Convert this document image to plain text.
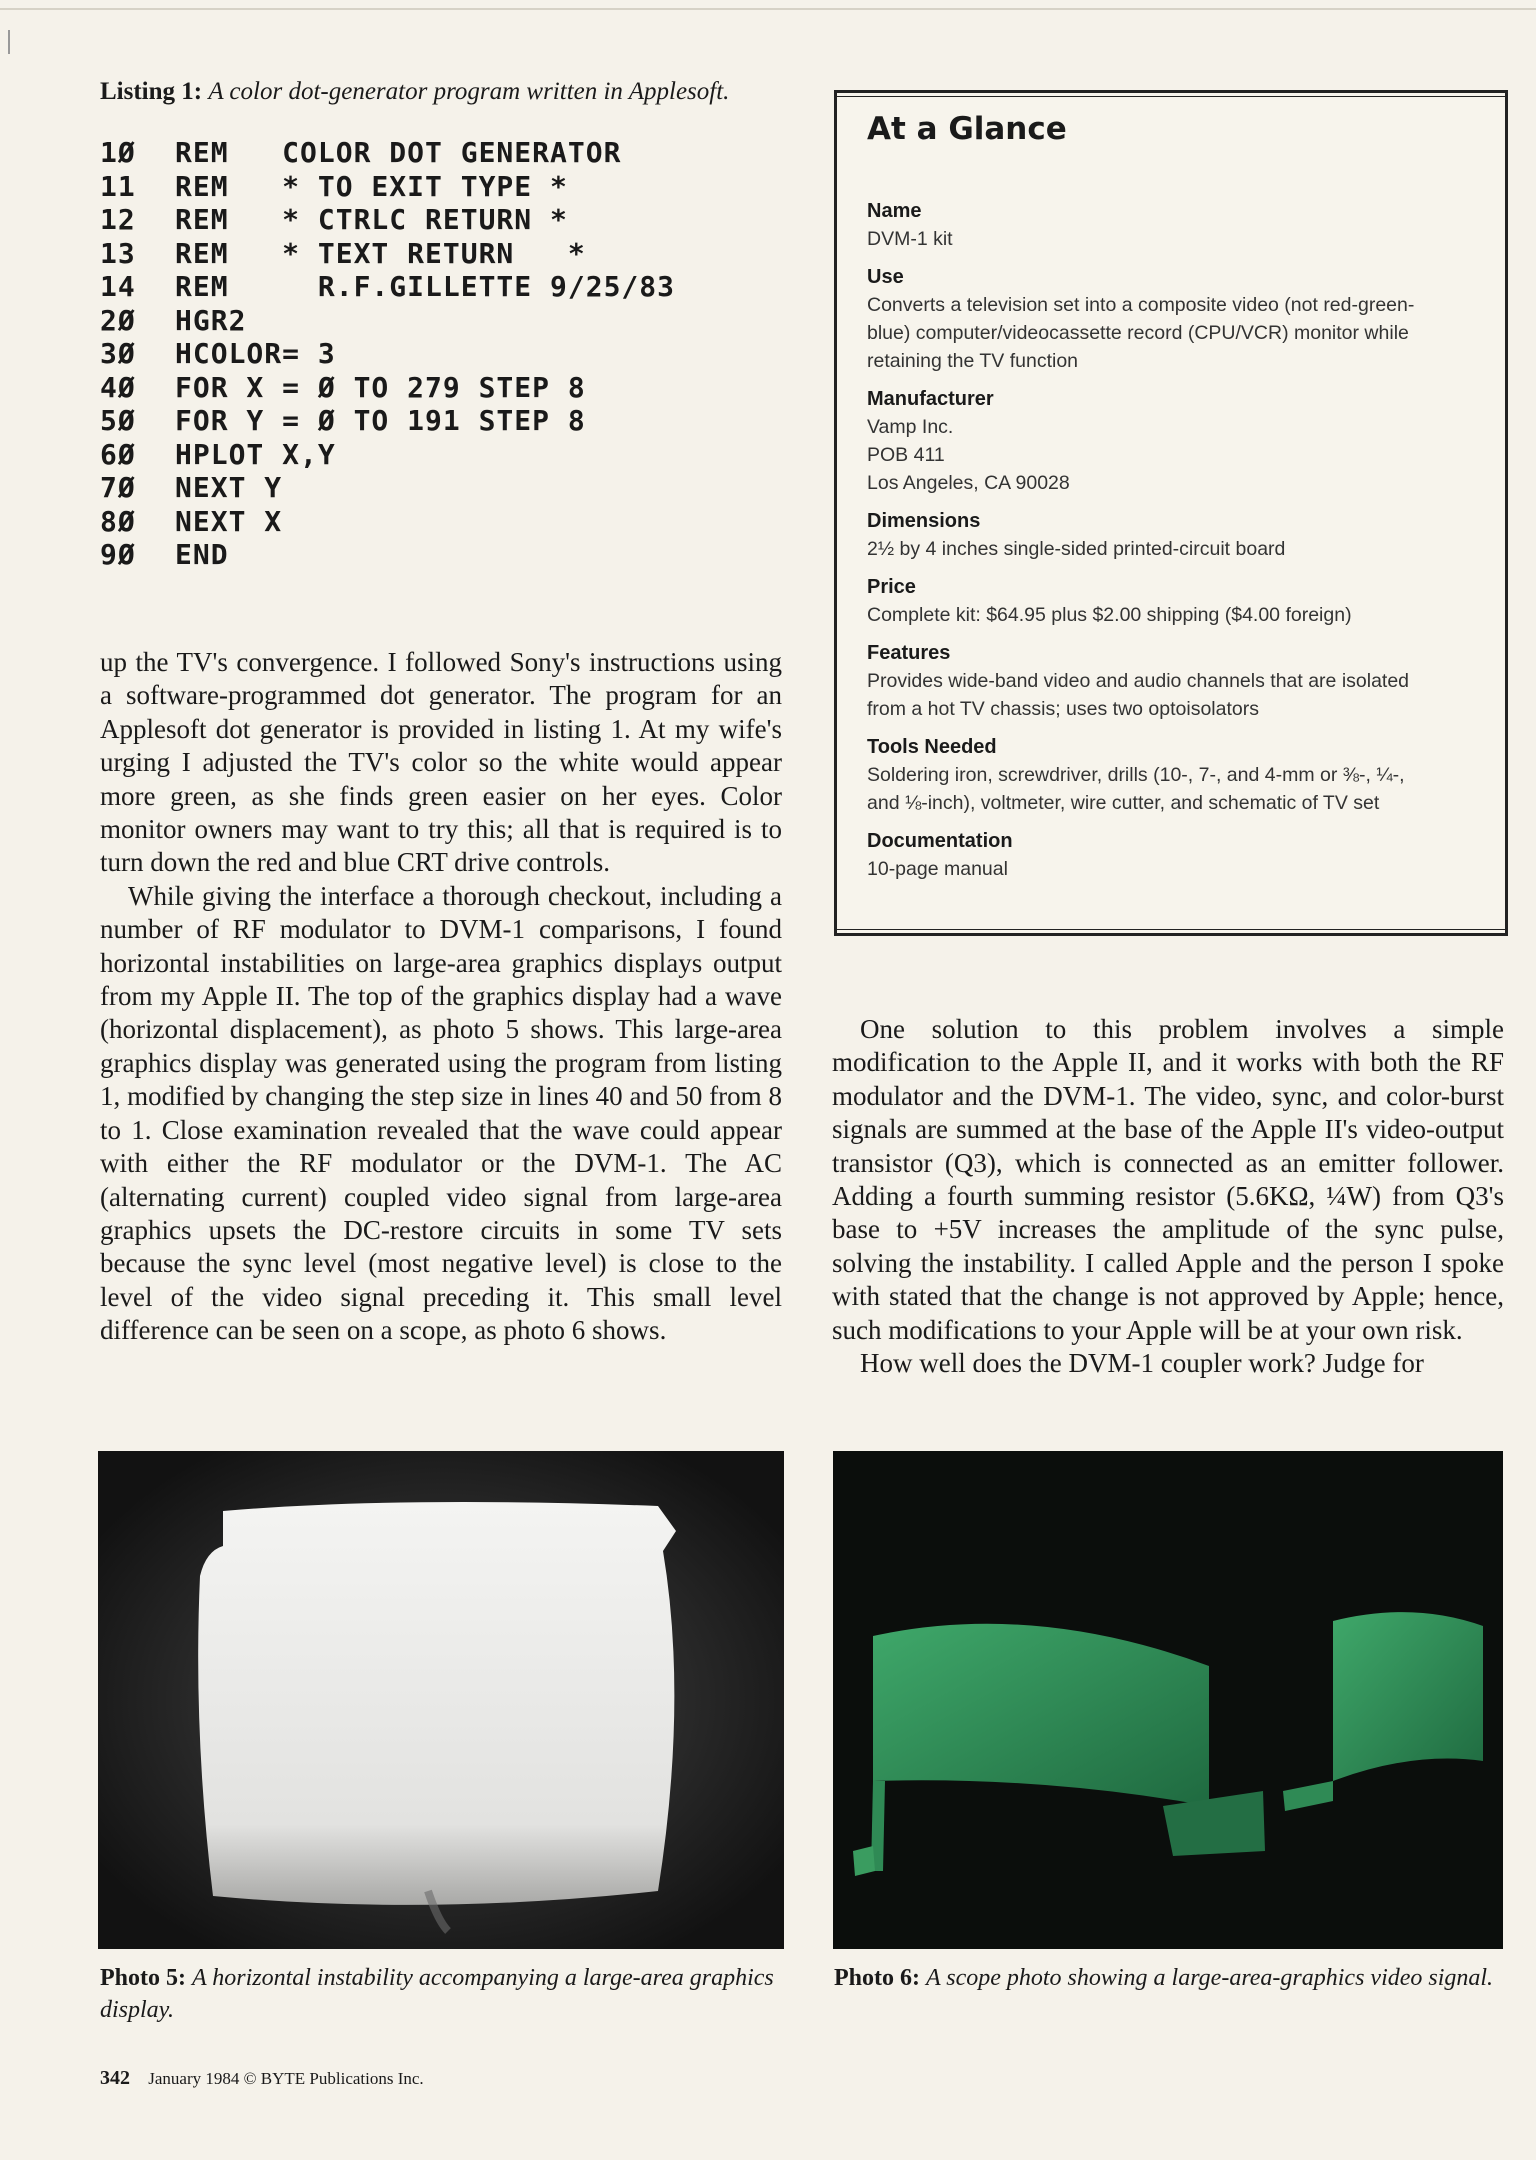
Listing 1: A color dot-generator program written in Applesoft.
1Ø REM   COLOR DOT GENERATOR
11 REM   * TO EXIT TYPE *
12 REM   * CTRLC RETURN *
13 REM   * TEXT RETURN   *
14 REM     R.F.GILLETTE 9/25/83
2Ø HGR2
3Ø HCOLOR= 3
4Ø FOR X = Ø TO 279 STEP 8
5Ø FOR Y = Ø TO 191 STEP 8
6Ø HPLOT X,Y
7Ø NEXT Y
8Ø NEXT X
9Ø END

up the TV's convergence. I followed Sony's instructions using a software-programmed dot generator. The program for an Applesoft dot generator is provided in listing 1. At my wife's urging I adjusted the TV's color so the white would appear more green, as she finds green easier on her eyes. Color monitor owners may want to try this; all that is required is to turn down the red and blue CRT drive controls.

While giving the interface a thorough checkout, including a number of RF modulator to DVM-1 comparisons, I found horizontal instabilities on large-area graphics displays output from my Apple II. The top of the graphics display had a wave (horizontal displacement), as photo 5 shows. This large-area graphics display was generated using the program from listing 1, modified by changing the step size in lines 40 and 50 from 8 to 1. Close examination revealed that the wave could appear with either the RF modulator or the DVM-1. The AC (alternating current) coupled video signal from large-area graphics upsets the DC-restore circuits in some TV sets because the sync level (most negative level) is close to the level of the video signal preceding it. This small level difference can be seen on a scope, as photo 6 shows.

At a Glance
Name
DVM-1 kit
Use
Converts a television set into a composite video (not red-green-
blue) computer/videocassette record (CPU/VCR) monitor while
retaining the TV function
Manufacturer
Vamp Inc.
POB 411
Los Angeles, CA 90028
Dimensions
2½ by 4 inches single-sided printed-circuit board
Price
Complete kit: $64.95 plus $2.00 shipping ($4.00 foreign)
Features
Provides wide-band video and audio channels that are isolated
from a hot TV chassis; uses two optoisolators
Tools Needed
Soldering iron, screwdriver, drills (10-, 7-, and 4-mm or ⅜-, ¼-,
and ⅛-inch), voltmeter, wire cutter, and schematic of TV set
Documentation
10-page manual

One solution to this problem involves a simple modification to the Apple II, and it works with both the RF modulator and the DVM-1. The video, sync, and color-burst signals are summed at the base of the Apple II's video-output transistor (Q3), which is connected as an emitter follower. Adding a fourth summing resistor (5.6KΩ, ¼W) from Q3's base to +5V increases the amplitude of the sync pulse, solving the instability. I called Apple and the person I spoke with stated that the change is not approved by Apple; hence, such modifications to your Apple will be at your own risk.

How well does the DVM-1 coupler work? Judge for

Photo 5: A horizontal instability accompanying a large-area graphics display.
Photo 6: A scope photo showing a large-area-graphics video signal.
342 January 1984 © BYTE Publications Inc.
